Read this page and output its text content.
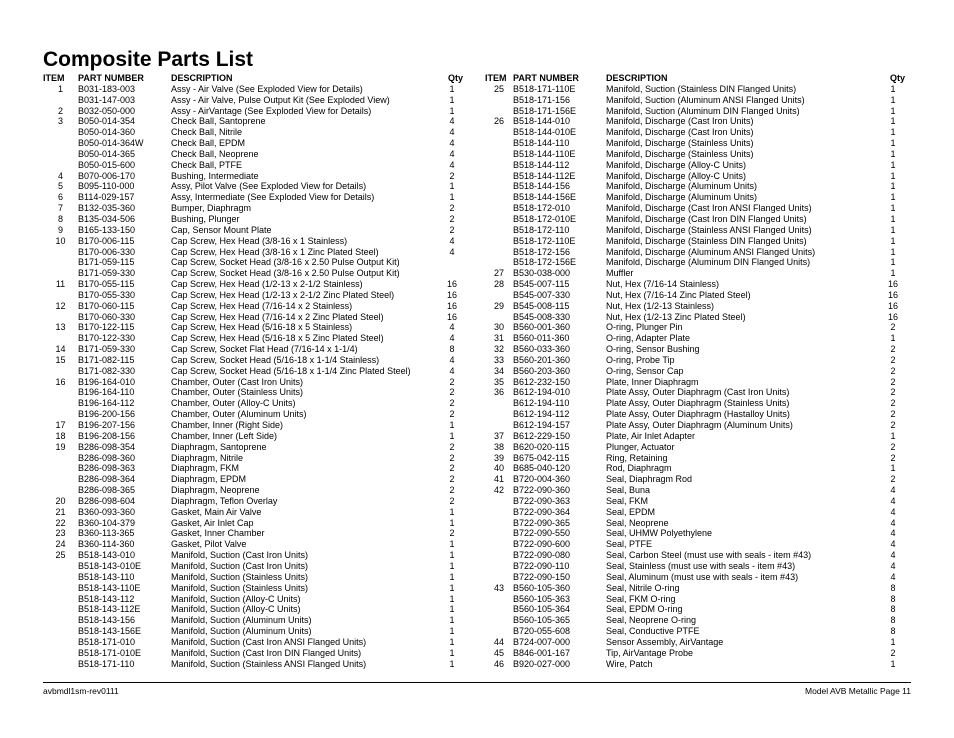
Composite Parts List
ITEM	PART NUMBER	DESCRIPTION	Qty
1	B031-183-003	Assy - Air Valve (See Exploded View for Details)	1
	B031-147-003	Assy - Air Valve, Pulse Output Kit (See Exploded View)	1
2	B032-050-000	Assy - AirVantage (See Exploded View for Details)	1
3	B050-014-354	Check Ball, Santoprene	4
	B050-014-360	Check Ball, Nitrile	4
	B050-014-364W	Check Ball, EPDM	4
	B050-014-365	Check Ball, Neoprene	4
	B050-015-600	Check Ball, PTFE	4
4	B070-006-170	Bushing, Intermediate	2
5	B095-110-000	Assy, Pilot Valve (See Exploded View for Details)	1
6	B114-029-157	Assy, Intermediate (See Exploded View for Details)	1
7	B132-035-360	Bumper, Diaphragm	2
8	B135-034-506	Bushing, Plunger	2
9	B165-133-150	Cap, Sensor Mount Plate	2
10	B170-006-115	Cap Screw, Hex Head (3/8-16 x 1 Stainless)	4
	B170-006-330	Cap Screw, Hex Head (3/8-16 x 1 Zinc Plated Steel)	4
	B171-059-115	Cap Screw, Socket Head (3/8-16 x 2.50 Pulse Output Kit)	
	B171-059-330	Cap Screw, Socket Head (3/8-16 x 2.50 Pulse Output Kit)	
11	B170-055-115	Cap Screw, Hex Head (1/2-13 x 2-1/2 Stainless)	16
	B170-055-330	Cap Screw, Hex Head (1/2-13 x 2-1/2 Zinc Plated Steel)	16
12	B170-060-115	Cap Screw, Hex Head (7/16-14 x 2 Stainless)	16
	B170-060-330	Cap Screw, Hex Head (7/16-14 x 2 Zinc Plated Steel)	16
13	B170-122-115	Cap Screw, Hex Head (5/16-18 x 5 Stainless)	4
	B170-122-330	Cap Screw, Hex Head (5/16-18 x 5 Zinc Plated Steel)	4
14	B171-059-330	Cap Screw, Socket Flat Head (7/16-14 x 1-1/4)	8
15	B171-082-115	Cap Screw, Socket Head (5/16-18 x 1-1/4 Stainless)	4
	B171-082-330	Cap Screw, Socket Head (5/16-18 x 1-1/4 Zinc Plated Steel)	4
16	B196-164-010	Chamber, Outer (Cast Iron Units)	2
	B196-164-110	Chamber, Outer (Stainless Units)	2
	B196-164-112	Chamber, Outer (Alloy-C Units)	2
	B196-200-156	Chamber, Outer (Aluminum Units)	2
17	B196-207-156	Chamber, Inner (Right Side)	1
18	B196-208-156	Chamber, Inner (Left Side)	1
19	B286-098-354	Diaphragm, Santoprene	2
	B286-098-360	Diaphragm, Nitrile	2
	B286-098-363	Diaphragm, FKM	2
	B286-098-364	Diaphragm, EPDM	2
	B286-098-365	Diaphragm, Neoprene	2
20	B286-098-604	Diaphragm, Teflon Overlay	2
21	B360-093-360	Gasket, Main Air Valve	1
22	B360-104-379	Gasket, Air Inlet Cap	1
23	B360-113-365	Gasket, Inner Chamber	2
24	B360-114-360	Gasket, Pilot Valve	1
25	B518-143-010	Manifold, Suction (Cast Iron Units)	1
	B518-143-010E	Manifold, Suction (Cast Iron Units)	1
	B518-143-110	Manifold, Suction (Stainless Units)	1
	B518-143-110E	Manifold, Suction (Stainless Units)	1
	B518-143-112	Manifold, Suction (Alloy-C Units)	1
	B518-143-112E	Manifold, Suction (Alloy-C Units)	1
	B518-143-156	Manifold, Suction (Aluminum Units)	1
	B518-143-156E	Manifold, Suction (Aluminum Units)	1
	B518-171-010	Manifold, Suction (Cast Iron ANSI Flanged Units)	1
	B518-171-010E	Manifold, Suction (Cast Iron DIN Flanged Units)	1
	B518-171-110	Manifold, Suction (Stainless ANSI Flanged Units)	1
ITEM	PART NUMBER	DESCRIPTION	Qty
25	B518-171-110E	Manifold, Suction (Stainless DIN Flanged Units)	1
	B518-171-156	Manifold, Suction (Aluminum ANSI Flanged Units)	1
	B518-171-156E	Manifold, Suction (Aluminum DIN Flanged Units)	1
26	B518-144-010	Manifold, Discharge (Cast Iron Units)	1
	B518-144-010E	Manifold, Discharge (Cast Iron Units)	1
	B518-144-110	Manifold, Discharge (Stainless Units)	1
	B518-144-110E	Manifold, Discharge (Stainless Units)	1
	B518-144-112	Manifold, Discharge (Alloy-C Units)	1
	B518-144-112E	Manifold, Discharge (Alloy-C Units)	1
	B518-144-156	Manifold, Discharge (Aluminum Units)	1
	B518-144-156E	Manifold, Discharge (Aluminum Units)	1
	B518-172-010	Manifold, Discharge (Cast Iron ANSI Flanged Units)	1
	B518-172-010E	Manifold, Discharge (Cast Iron DIN Flanged Units)	1
	B518-172-110	Manifold, Discharge (Stainless ANSI Flanged Units)	1
	B518-172-110E	Manifold, Discharge (Stainless DIN Flanged Units)	1
	B518-172-156	Manifold, Discharge (Aluminum ANSI Flanged Units)	1
	B518-172-156E	Manifold, Discharge (Aluminum DIN Flanged Units)	1
27	B530-038-000	Muffler	1
28	B545-007-115	Nut, Hex (7/16-14 Stainless)	16
	B545-007-330	Nut, Hex (7/16-14 Zinc Plated Steel)	16
29	B545-008-115	Nut, Hex (1/2-13 Stainless)	16
	B545-008-330	Nut, Hex (1/2-13 Zinc Plated Steel)	16
30	B560-001-360	O-ring, Plunger Pin	2
31	B560-011-360	O-ring, Adapter Plate	1
32	B560-033-360	O-ring, Sensor Bushing	2
33	B560-201-360	O-ring, Probe Tip	2
34	B560-203-360	O-ring, Sensor Cap	2
35	B612-232-150	Plate, Inner Diaphragm	2
36	B612-194-010	Plate Assy, Outer Diaphragm (Cast Iron Units)	2
	B612-194-110	Plate Assy, Outer Diaphragm (Stainless Units)	2
	B612-194-112	Plate Assy, Outer Diaphragm (Hastalloy Units)	2
	B612-194-157	Plate Assy, Outer Diaphragm (Aluminum Units)	2
37	B612-229-150	Plate, Air Inlet Adapter	1
38	B620-020-115	Plunger, Actuator	2
39	B675-042-115	Ring, Retaining	2
40	B685-040-120	Rod, Diaphragm	1
41	B720-004-360	Seal, Diaphragm Rod	2
42	B722-090-360	Seal, Buna	4
	B722-090-363	Seal, FKM	4
	B722-090-364	Seal, EPDM	4
	B722-090-365	Seal, Neoprene	4
	B722-090-550	Seal, UHMW Polyethylene	4
	B722-090-600	Seal, PTFE	4
	B722-090-080	Seal, Carbon Steel (must use with seals - item #43)	4
	B722-090-110	Seal, Stainless (must use with seals - item #43)	4
	B722-090-150	Seal, Aluminum (must use with seals - item #43)	4
43	B560-105-360	Seal, Nitrile O-ring	8
	B560-105-363	Seal, FKM O-ring	8
	B560-105-364	Seal, EPDM O-ring	8
	B560-105-365	Seal, Neoprene O-ring	8
	B720-055-608	Seal, Conductive PTFE	8
44	B724-007-000	Sensor Assembly, AirVantage	1
45	B846-001-167	Tip, AirVantage Probe	2
46	B920-027-000	Wire, Patch	1
avbmdl1sm-rev0111	Model AVB Metallic Page 11
